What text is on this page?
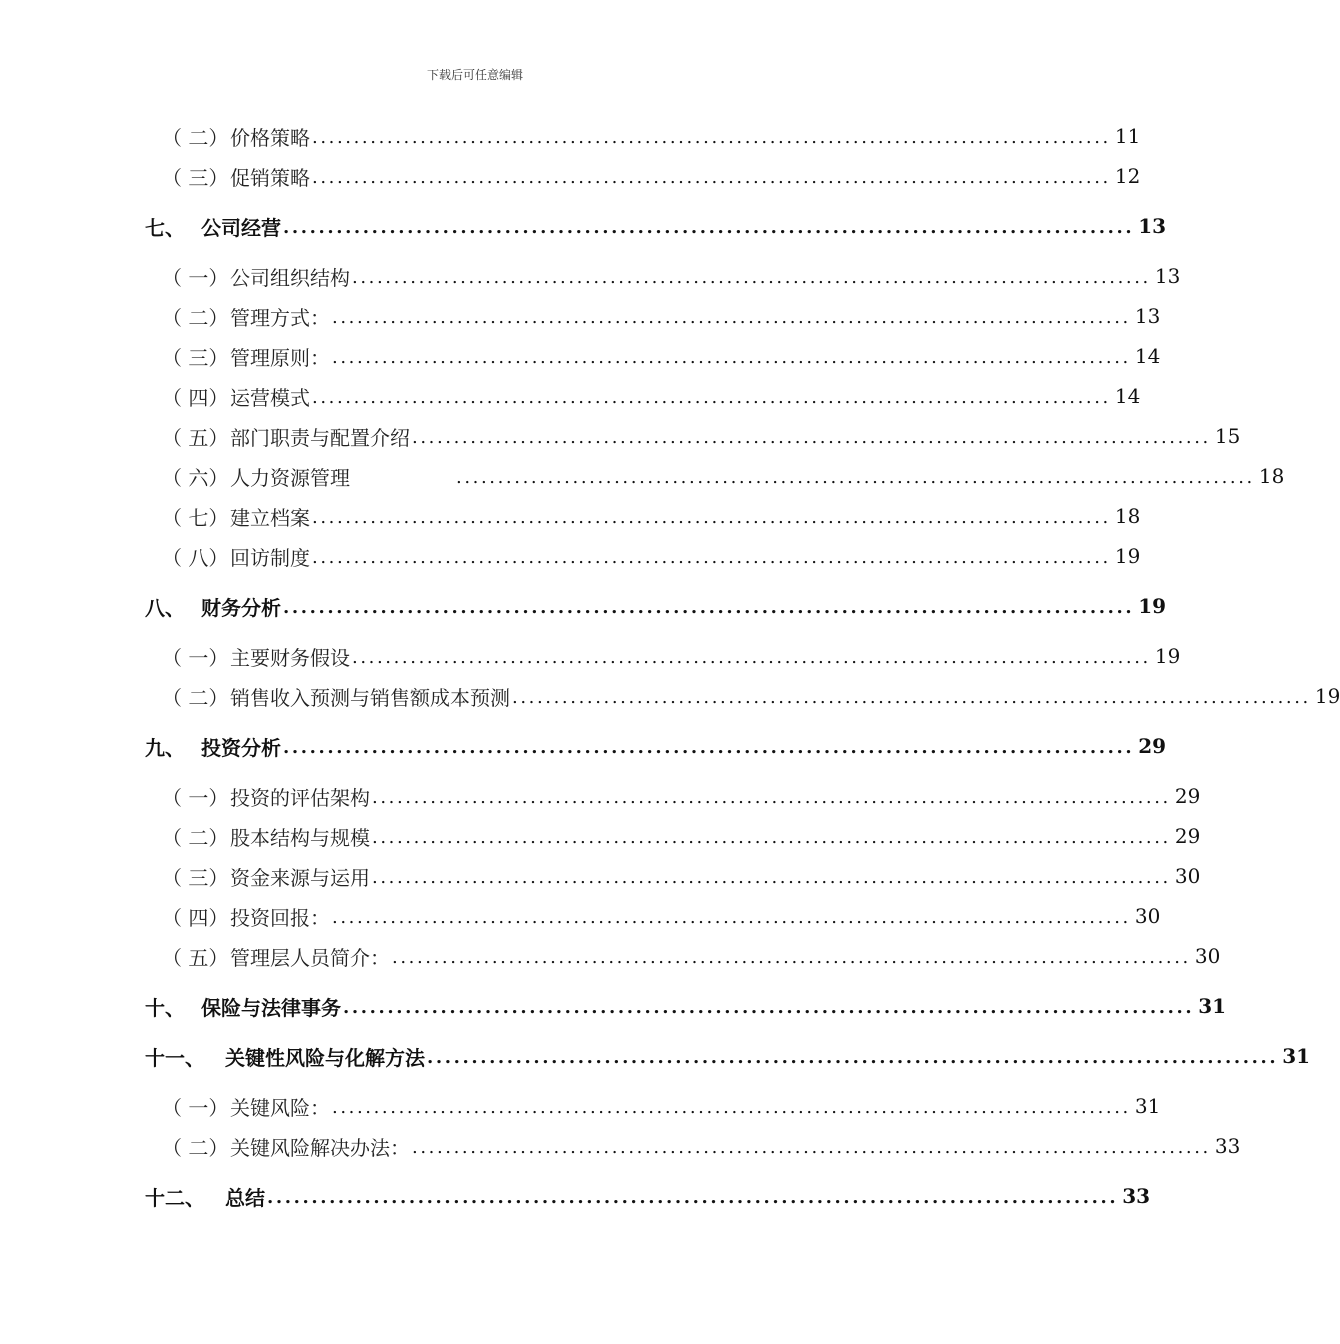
下载后可任意编辑
（ 二） 价格策略 ................................................................................................ 11
（ 三） 促销策略 ................................................................................................ 12
七、 公司经营 ................................................................................................ 13
（ 一） 公司组织结构 ................................................................................................ 13
（ 二） 管理方式： ................................................................................................ 13
（ 三） 管理原则： ................................................................................................ 14
（ 四） 运营模式 ................................................................................................ 14
（ 五） 部门职责与配置介绍 ................................................................................................ 15
（ 六） 人力资源管理	................................................................................................ 18
（ 七） 建立档案 ................................................................................................ 18
（ 八） 回访制度 ................................................................................................ 19
八、 财务分析 ................................................................................................ 19
（ 一） 主要财务假设 ................................................................................................ 19
（ 二） 销售收入预测与销售额成本预测 ................................................................................................ 19
九、 投资分析 ................................................................................................ 29
（ 一） 投资的评估架构 ................................................................................................ 29
（ 二） 股本结构与规模 ................................................................................................ 29
（ 三） 资金来源与运用 ................................................................................................ 30
（ 四） 投资回报： ................................................................................................ 30
（ 五） 管理层人员简介： ................................................................................................ 30
十、 保险与法律事务 ................................................................................................ 31
十一、	关键性风险与化解方法 ................................................................................................ 31
（ 一） 关键风险： ................................................................................................ 31
（ 二） 关键风险解决办法： ................................................................................................ 33
十二、	总结 ................................................................................................ 33
